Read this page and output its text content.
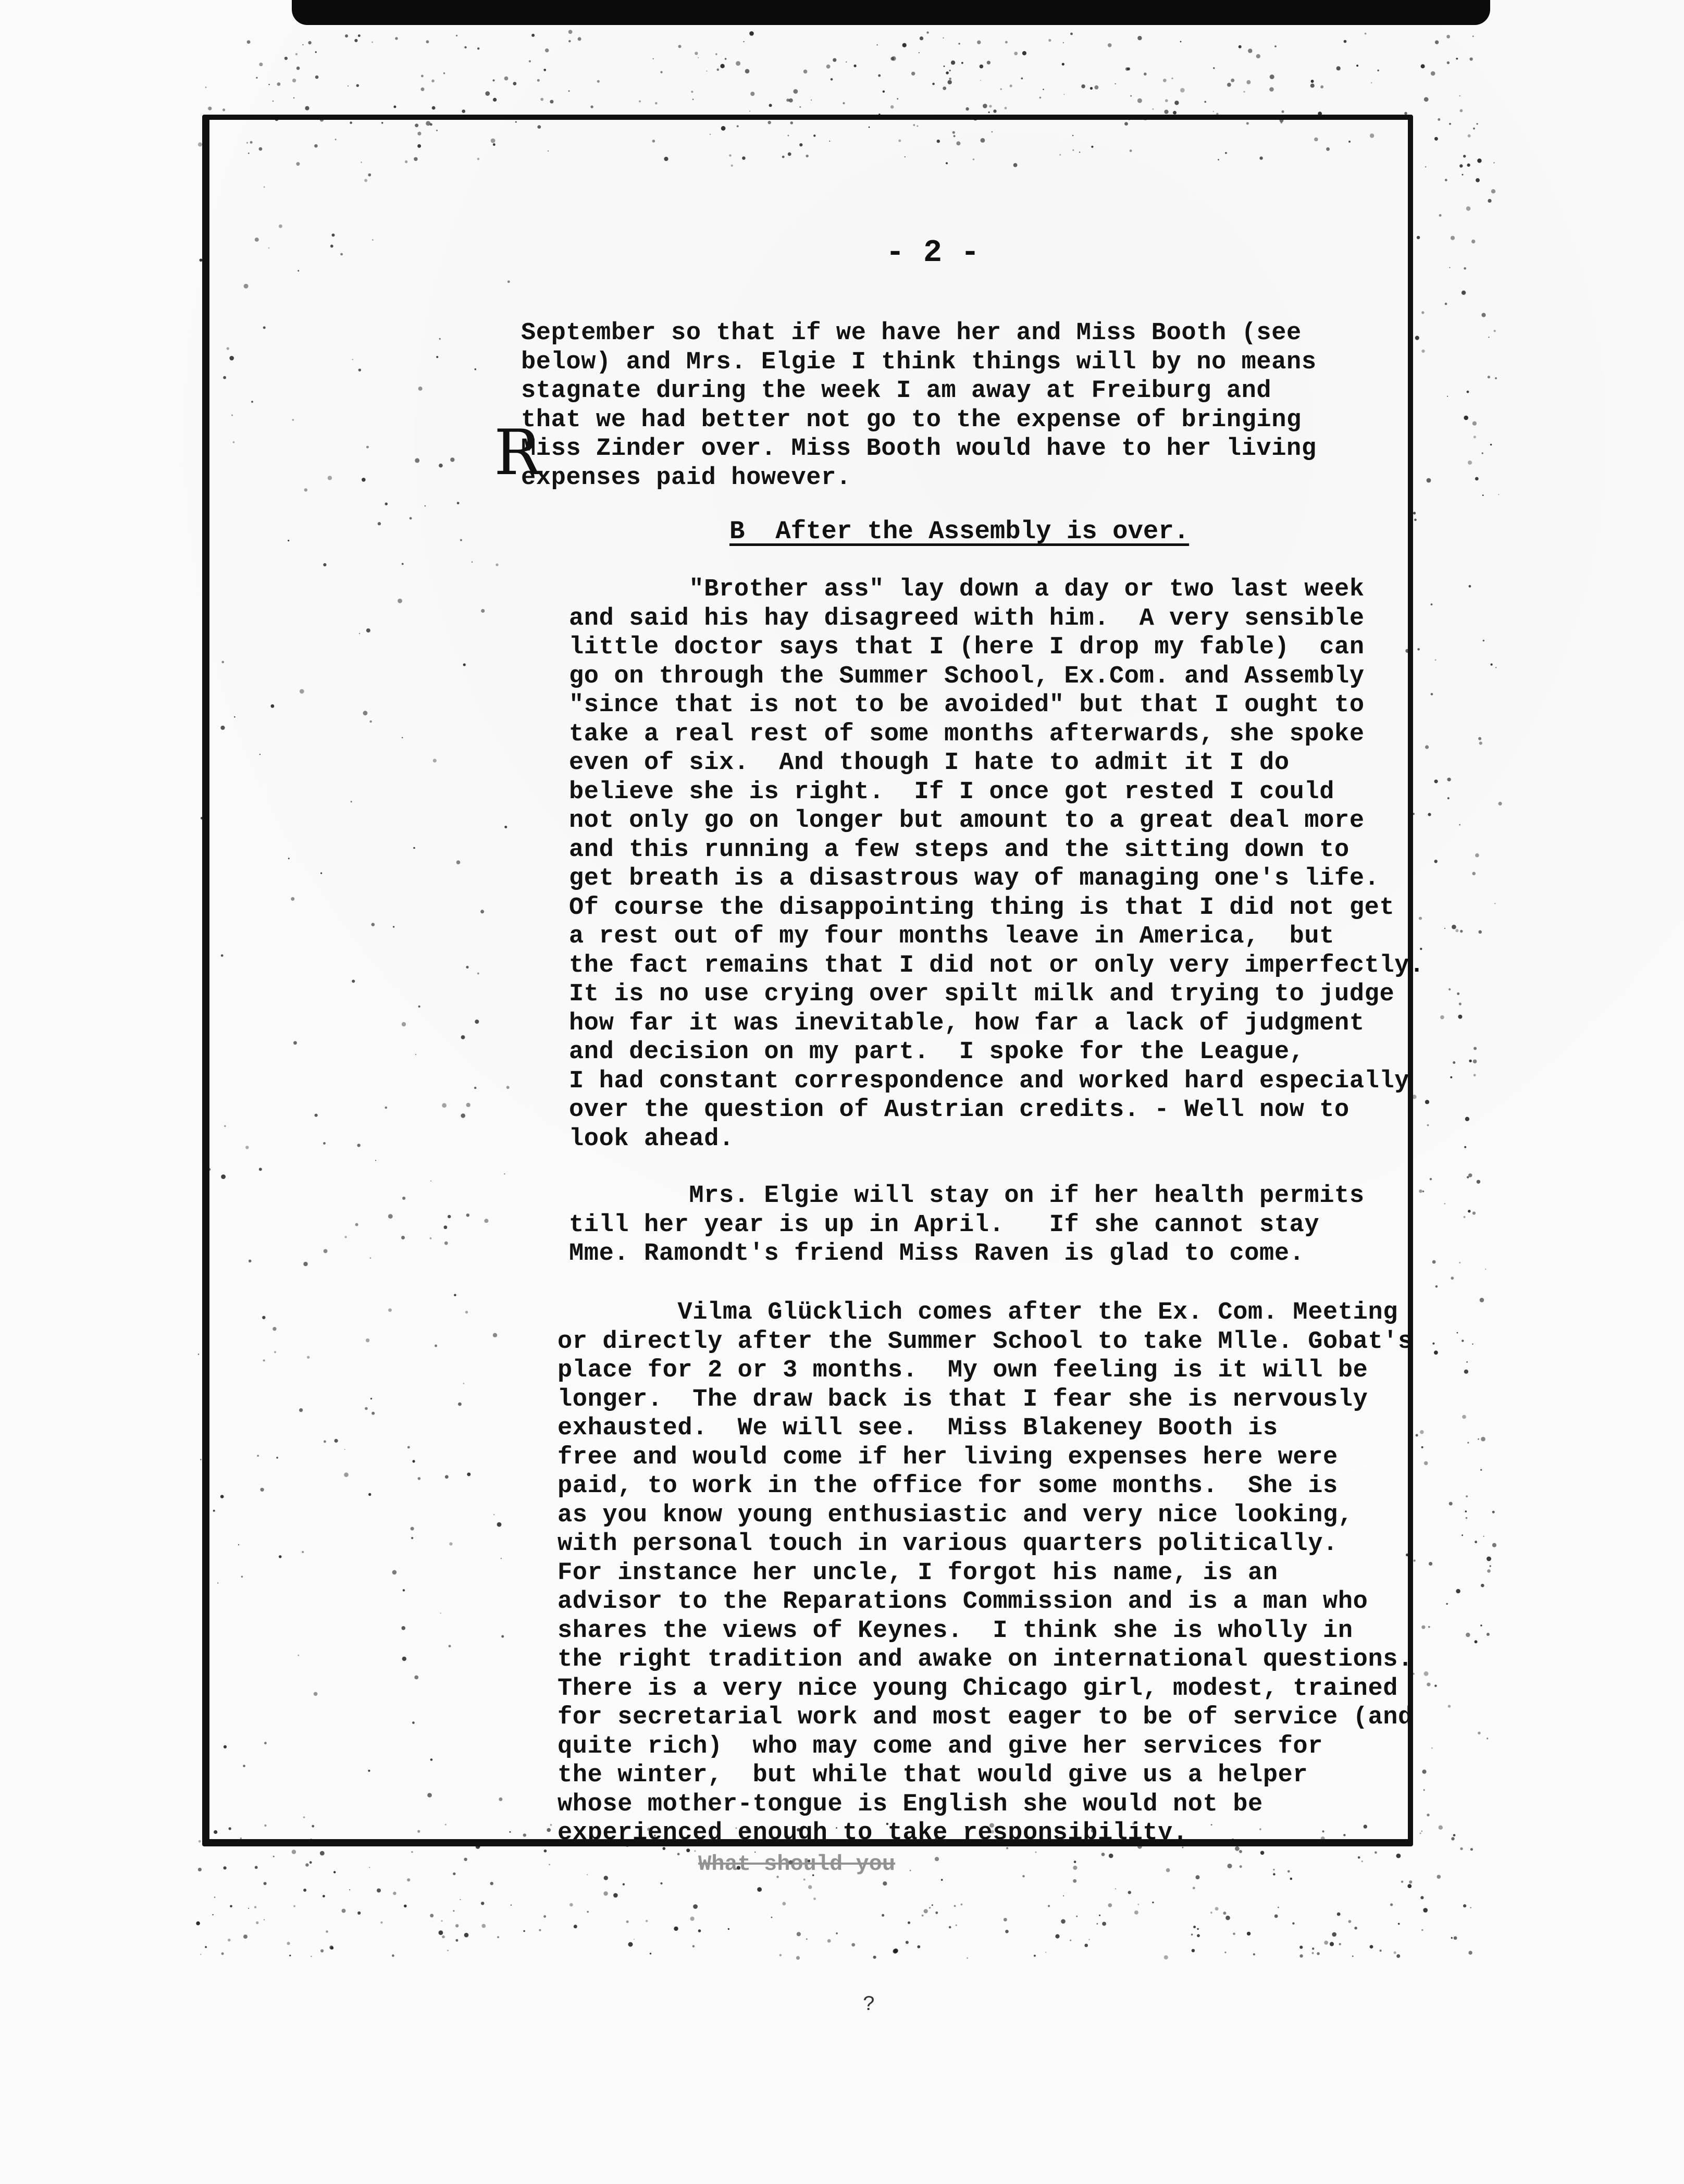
- 2 -
R
September so that if we have her and Miss Booth (see
below) and Mrs. Elgie I think things will by no means
stagnate during the week I am away at Freiburg and
that we had better not go to the expense of bringing
Miss Zinder over. Miss Booth would have to her living
expenses paid however.
B  After the Assembly is over.
"Brother ass" lay down a day or two last week
and said his hay disagreed with him.  A very sensible
little doctor says that I (here I drop my fable)  can
go on through the Summer School, Ex.Com. and Assembly
"since that is not to be avoided" but that I ought to
take a real rest of some months afterwards, she spoke
even of six.  And though I hate to admit it I do
believe she is right.  If I once got rested I could
not only go on longer but amount to a great deal more
and this running a few steps and the sitting down to
get breath is a disastrous way of managing one's life.
Of course the disappointing thing is that I did not get
a rest out of my four months leave in America,  but
the fact remains that I did not or only very imperfectly.
It is no use crying over spilt milk and trying to judge
how far it was inevitable, how far a lack of judgment
and decision on my part.  I spoke for the League,
I had constant correspondence and worked hard especially
over the question of Austrian credits. - Well now to
look ahead.
Mrs. Elgie will stay on if her health permits
till her year is up in April.   If she cannot stay
Mme. Ramondt's friend Miss Raven is glad to come.
Vilma Glücklich comes after the Ex. Com. Meeting
or directly after the Summer School to take Mlle. Gobat's
place for 2 or 3 months.  My own feeling is it will be
longer.  The draw back is that I fear she is nervously
exhausted.  We will see.  Miss Blakeney Booth is
free and would come if her living expenses here were
paid, to work in the office for some months.  She is
as you know young enthusiastic and very nice looking,
with personal touch in various quarters politically.
For instance her uncle, I forgot his name, is an
advisor to the Reparations Commission and is a man who
shares the views of Keynes.  I think she is wholly in
the right tradition and awake on international questions.
There is a very nice young Chicago girl, modest, trained
for secretarial work and most eager to be of service (and
quite rich)  who may come and give her services for
the winter,  but while that would give us a helper
whose mother-tongue is English she would not be
experienced enough to take responsibility.
What should you
?
